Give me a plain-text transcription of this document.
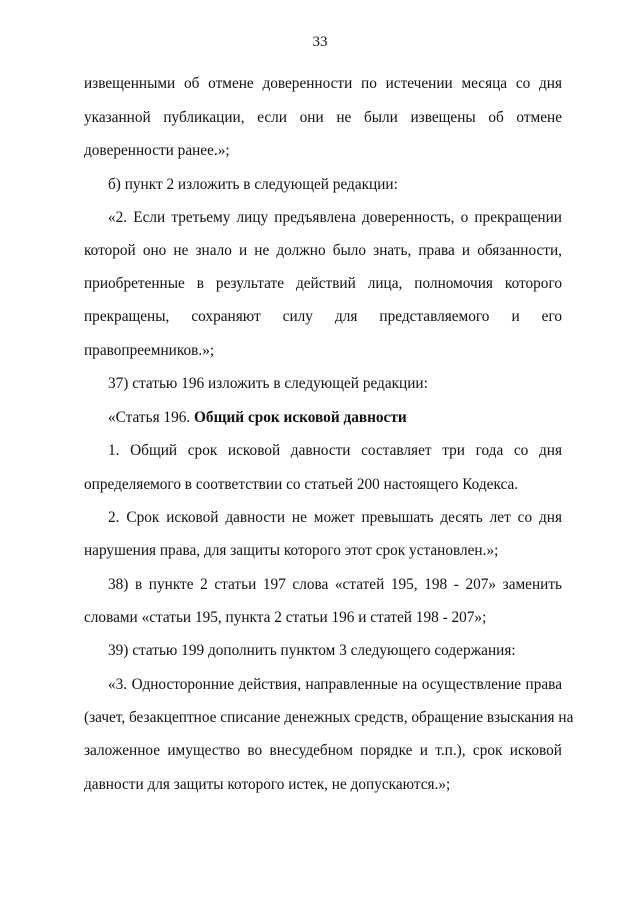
33
извещенными об отмене доверенности по истечении месяца со дня
указанной публикации, если они не были извещены об отмене
доверенности ранее.»;
б) пункт 2 изложить в следующей редакции:
«2. Если третьему лицу предъявлена доверенность, о прекращении
которой оно не знало и не должно было знать, права и обязанности,
приобретенные в результате действий лица, полномочия которого
прекращены, сохраняют силу для представляемого и его
правопреемников.»;
37) статью 196 изложить в следующей редакции:
«Статья 196. Общий срок исковой давности
1. Общий срок исковой давности составляет три года со дня
определяемого в соответствии со статьей 200 настоящего Кодекса.
2. Срок исковой давности не может превышать десять лет со дня
нарушения права, для защиты которого этот срок установлен.»;
38) в пункте 2 статьи 197 слова «статей 195, 198 - 207» заменить
словами «статьи 195, пункта 2 статьи 196 и статей 198 - 207»;
39) статью 199 дополнить пунктом 3 следующего содержания:
«3. Односторонние действия, направленные на осуществление права
(зачет, безакцептное списание денежных средств, обращение взыскания на
заложенное имущество во внесудебном порядке и т.п.), срок исковой
давности для защиты которого истек, не допускаются.»;
